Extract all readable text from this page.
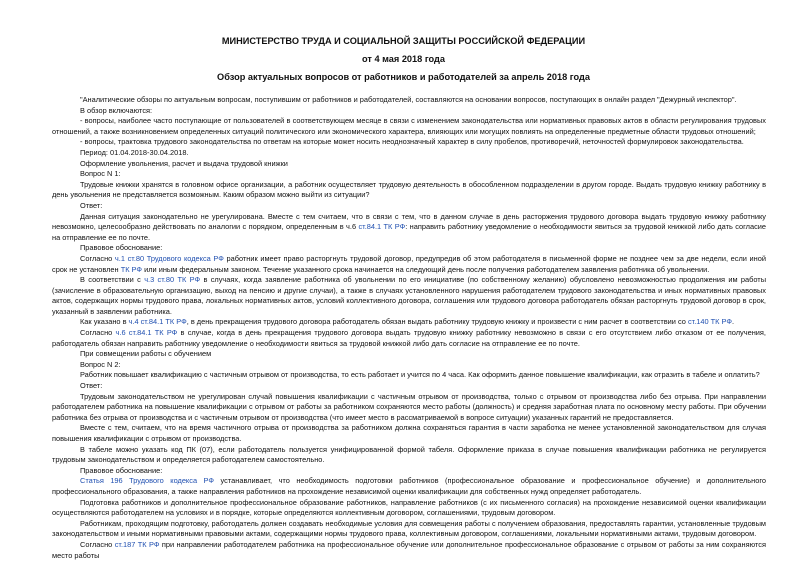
МИНИСТЕРСТВО ТРУДА И СОЦИАЛЬНОЙ ЗАЩИТЫ РОССИЙСКОЙ ФЕДЕРАЦИИ
от 4 мая 2018 года
Обзор актуальных вопросов от работников и работодателей за апрель 2018 года

"Аналитические обзоры по актуальным вопросам, поступившим от работников и работодателей, составляются на основании вопросов, поступающих в онлайн раздел "Дежурный инспектор".

В обзор включаются:

- вопросы, наиболее часто поступающие от пользователей в соответствующем месяце в связи с изменением законодательства или нормативных правовых актов в области регулирования трудовых отношений, а также возникновением определенных ситуаций политического или экономического характера, влияющих или могущих повлиять на определенные предметные области трудовых отношений;

- вопросы, трактовка трудового законодательства по ответам на которые может носить неоднозначный характер в силу пробелов, противоречий, неточностей формулировок законодательства.

Период: 01.04.2018-30.04.2018.

Оформление увольнения, расчет и выдача трудовой книжки

Вопрос N 1:

Трудовые книжки хранятся в головном офисе организации, а работник осуществляет трудовую деятельность в обособленном подразделении в другом городе. Выдать трудовую книжку работнику в день увольнения не представляется возможным. Каким образом можно выйти из ситуации?

Ответ:

Данная ситуация законодательно не урегулирована. Вместе с тем считаем, что в связи с тем, что в данном случае в день расторжения трудового договора выдать трудовую книжку работнику невозможно, целесообразно действовать по аналогии с порядком, определенным в ч.6 ст.84.1 ТК РФ: направить работнику уведомление о необходимости явиться за трудовой книжкой либо дать согласие на отправление ее по почте.

Правовое обоснование:

Согласно ч.1 ст.80 Трудового кодекса РФ работник имеет право расторгнуть трудовой договор, предупредив об этом работодателя в письменной форме не позднее чем за две недели, если иной срок не установлен ТК РФ или иным федеральным законом. Течение указанного срока начинается на следующий день после получения работодателем заявления работника об увольнении.

В соответствии с ч.3 ст.80 ТК РФ в случаях, когда заявление работника об увольнении по его инициативе (по собственному желанию) обусловлено невозможностью продолжения им работы (зачисление в образовательную организацию, выход на пенсию и другие случаи), а также в случаях установленного нарушения работодателем трудового законодательства и иных нормативных правовых актов, содержащих нормы трудового права, локальных нормативных актов, условий коллективного договора, соглашения или трудового договора работодатель обязан расторгнуть трудовой договор в срок, указанный в заявлении работника.

Как указано в ч.4 ст.84.1 ТК РФ, в день прекращения трудового договора работодатель обязан выдать работнику трудовую книжку и произвести с ним расчет в соответствии со ст.140 ТК РФ.

Согласно ч.6 ст.84.1 ТК РФ в случае, когда в день прекращения трудового договора выдать трудовую книжку работнику невозможно в связи с его отсутствием либо отказом от ее получения, работодатель обязан направить работнику уведомление о необходимости явиться за трудовой книжкой либо дать согласие на отправление ее по почте.

При совмещении работы с обучением

Вопрос N 2:

Работник повышает квалификацию с частичным отрывом от производства, то есть работает и учится по 4 часа. Как оформить данное повышение квалификации, как отразить в табеле и оплатить?

Ответ:

Трудовым законодательством не урегулирован случай повышения квалификации с частичным отрывом от производства, только с отрывом от производства либо без отрыва. При направлении работодателем работника на повышение квалификации с отрывом от работы за работником сохраняются место работы (должность) и средняя заработная плата по основному месту работы. При обучении работника без отрыва от производства и с частичным отрывом от производства (что имеет место в рассматриваемой в вопросе ситуации) указанных гарантий не предоставляется.

Вместе с тем, считаем, что на время частичного отрыва от производства за работником должна сохраняться гарантия в части заработка не менее установленной законодательством для случая повышения квалификации с отрывом от производства.

В табеле можно указать код ПК (07), если работодатель пользуется унифицированной формой табеля. Оформление приказа в случае повышения квалификации работника не регулируется трудовым законодательством и определяется работодателем самостоятельно.

Правовое обоснование:

Статья 196 Трудового кодекса РФ устанавливает, что необходимость подготовки работников (профессиональное образование и профессиональное обучение) и дополнительного профессионального образования, а также направления работников на прохождение независимой оценки квалификации для собственных нужд определяет работодатель.

Подготовка работников и дополнительное профессиональное образование работников, направление работников (с их письменного согласия) на прохождение независимой оценки квалификации осуществляются работодателем на условиях и в порядке, которые определяются коллективным договором, соглашениями, трудовым договором.

Работникам, проходящим подготовку, работодатель должен создавать необходимые условия для совмещения работы с получением образования, предоставлять гарантии, установленные трудовым законодательством и иными нормативными правовыми актами, содержащими нормы трудового права, коллективным договором, соглашениями, локальными нормативными актами, трудовым договором.

Согласно ст.187 ТК РФ при направлении работодателем работника на профессиональное обучение или дополнительное профессиональное образование с отрывом от работы за ним сохраняются место работы
